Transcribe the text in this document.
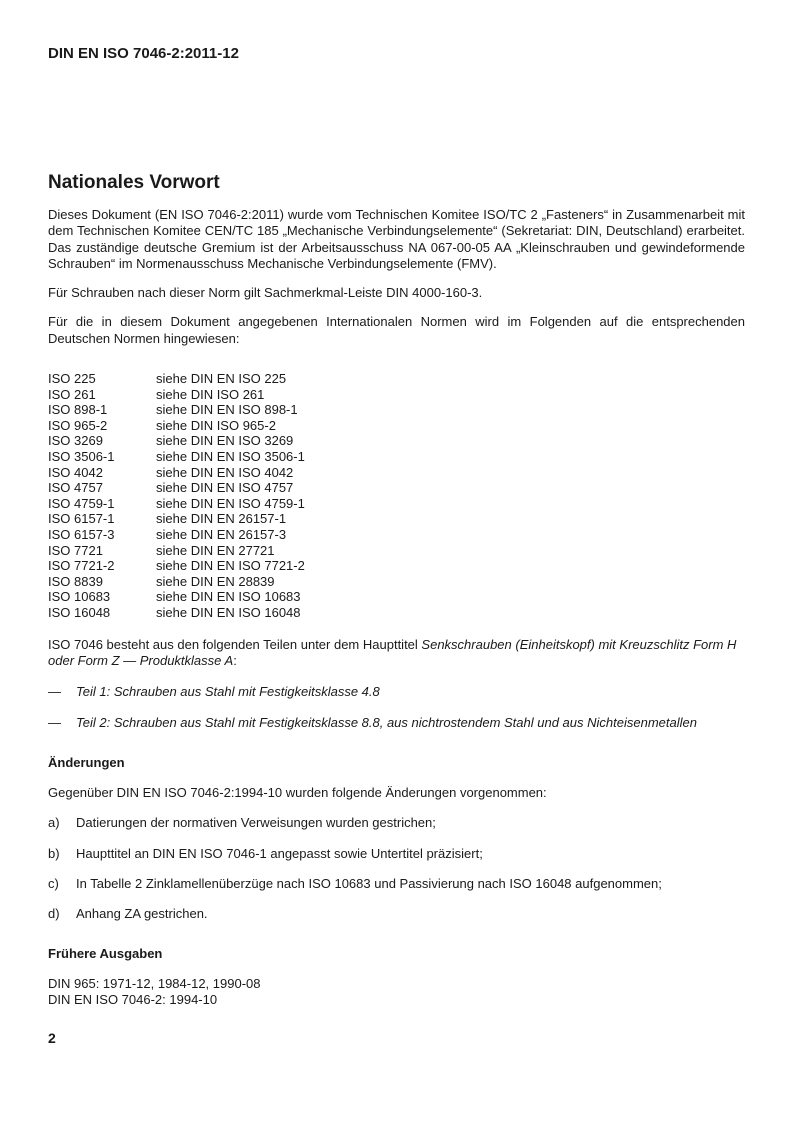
DIN EN ISO 7046-2:2011-12
Nationales Vorwort

Dieses Dokument (EN ISO 7046-2:2011) wurde vom Technischen Komitee ISO/TC 2 „Fasteners“ in Zusammenarbeit mit dem Technischen Komitee CEN/TC 185 „Mechanische Verbindungselemente“ (Sekretariat: DIN, Deutschland) erarbeitet. Das zuständige deutsche Gremium ist der Arbeitsausschuss NA 067-00-05 AA „Kleinschrauben und gewindeformende Schrauben“ im Normenausschuss Mechanische Verbindungselemente (FMV).

Für Schrauben nach dieser Norm gilt Sachmerkmal-Leiste DIN 4000-160-3.

Für die in diesem Dokument angegebenen Internationalen Normen wird im Folgenden auf die entsprechenden Deutschen Normen hingewiesen:

ISO 225	siehe DIN EN ISO 225
ISO 261	siehe DIN ISO 261
ISO 898-1	siehe DIN EN ISO 898-1
ISO 965-2	siehe DIN ISO 965-2
ISO 3269	siehe DIN EN ISO 3269
ISO 3506-1	siehe DIN EN ISO 3506-1
ISO 4042	siehe DIN EN ISO 4042
ISO 4757	siehe DIN EN ISO 4757
ISO 4759-1	siehe DIN EN ISO 4759-1
ISO 6157-1	siehe DIN EN 26157-1
ISO 6157-3	siehe DIN EN 26157-3
ISO 7721	siehe DIN EN 27721
ISO 7721-2	siehe DIN EN ISO 7721-2
ISO 8839	siehe DIN EN 28839
ISO 10683	siehe DIN EN ISO 10683
ISO 16048	siehe DIN EN ISO 16048

ISO 7046 besteht aus den folgenden Teilen unter dem Haupttitel Senkschrauben (Einheitskopf) mit Kreuzschlitz Form H oder Form Z — Produktklasse A:

—	Teil 1: Schrauben aus Stahl mit Festigkeitsklasse 4.8
—	Teil 2: Schrauben aus Stahl mit Festigkeitsklasse 8.8, aus nichtrostendem Stahl und aus Nichteisenmetallen
Änderungen

Gegenüber DIN EN ISO 7046-2:1994-10 wurden folgende Änderungen vorgenommen:

a)	Datierungen der normativen Verweisungen wurden gestrichen;
b)	Haupttitel an DIN EN ISO 7046-1 angepasst sowie Untertitel präzisiert;
c)	In Tabelle 2 Zinklamellenüberzüge nach ISO 10683 und Passivierung nach ISO 16048 aufgenommen;
d)	Anhang ZA gestrichen.
Frühere Ausgaben

DIN 965: 1971-12, 1984-12, 1990-08

DIN EN ISO 7046-2: 1994-10

2
